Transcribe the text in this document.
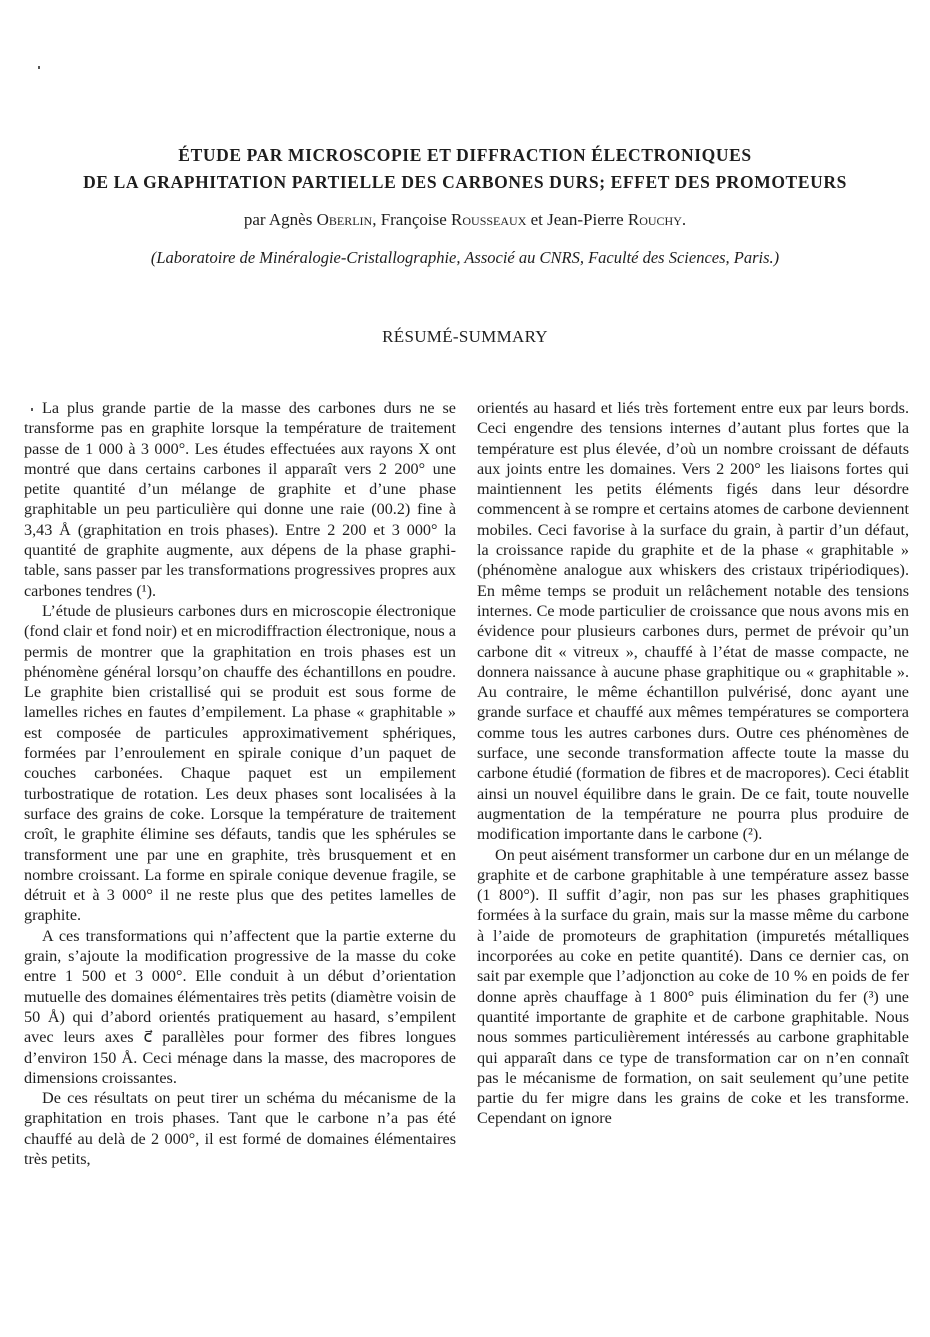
ÉTUDE PAR MICROSCOPIE ET DIFFRACTION ÉLECTRONIQUES
DE LA GRAPHITATION PARTIELLE DES CARBONES DURS; EFFET DES PROMOTEURS
par Agnès Oberlin, Françoise Rousseaux et Jean-Pierre Rouchy.
(Laboratoire de Minéralogie-Cristallographie, Associé au CNRS, Faculté des Sciences, Paris.)
RÉSUMÉ-SUMMARY

La plus grande partie de la masse des carbones durs ne se transforme pas en graphite lorsque la température de traitement passe de 1 000 à 3 000°. Les études effectuées aux rayons X ont montré que dans certains carbones il apparaît vers 2 200° une petite quantité d’un mélange de graphite et d’une phase graphitable un peu particulière qui donne une raie (00.2) fine à 3,43 Å (graphitation en trois phases). Entre 2 200 et 3 000° la quantité de graphite augmente, aux dépens de la phase graphitable, sans passer par les transformations progressives propres aux carbones tendres (¹).

L’étude de plusieurs carbones durs en microscopie électronique (fond clair et fond noir) et en microdiffraction électronique, nous a permis de montrer que la graphitation en trois phases est un phénomène général lorsqu’on chauffe des échantillons en poudre. Le graphite bien cristallisé qui se produit est sous forme de lamelles riches en fautes d’empilement. La phase « graphitable » est composée de particules approximativement sphériques, formées par l’enroulement en spirale conique d’un paquet de couches carbonées. Chaque paquet est un empilement turbostratique de rotation. Les deux phases sont localisées à la surface des grains de coke. Lorsque la température de traitement croît, le graphite élimine ses défauts, tandis que les sphérules se transforment une par une en graphite, très brusquement et en nombre croissant. La forme en spirale conique devenue fragile, se détruit et à 3 000° il ne reste plus que des petites lamelles de graphite.

A ces transformations qui n’affectent que la partie externe du grain, s’ajoute la modification progressive de la masse du coke entre 1 500 et 3 000°. Elle conduit à un début d’orientation mutuelle des domaines élémentaires très petits (diamètre voisin de 50 Å) qui d’abord orientés pratiquement au hasard, s’empilent avec leurs axes c⃗ parallèles pour former des fibres longues d’environ 150 Å. Ceci ménage dans la masse, des macropores de dimensions croissantes.

De ces résultats on peut tirer un schéma du mécanisme de la graphitation en trois phases. Tant que le carbone n’a pas été chauffé au delà de 2 000°, il est formé de domaines élémentaires très petits,

orientés au hasard et liés très fortement entre eux par leurs bords. Ceci engendre des tensions internes d’autant plus fortes que la température est plus élevée, d’où un nombre croissant de défauts aux joints entre les domaines. Vers 2 200° les liaisons fortes qui maintiennent les petits éléments figés dans leur désordre commencent à se rompre et certains atomes de carbone deviennent mobiles. Ceci favorise à la surface du grain, à partir d’un défaut, la croissance rapide du graphite et de la phase « graphitable » (phénomène analogue aux whiskers des cristaux tripériodiques). En même temps se produit un relâchement notable des tensions internes. Ce mode particulier de croissance que nous avons mis en évidence pour plusieurs carbones durs, permet de prévoir qu’un carbone dit « vitreux », chauffé à l’état de masse compacte, ne donnera naissance à aucune phase graphitique ou « graphitable ». Au contraire, le même échantillon pulvérisé, donc ayant une grande surface et chauffé aux mêmes températures se comportera comme tous les autres carbones durs. Outre ces phénomènes de surface, une seconde transformation affecte toute la masse du carbone étudié (formation de fibres et de macropores). Ceci établit ainsi un nouvel équilibre dans le grain. De ce fait, toute nouvelle augmentation de la température ne pourra plus produire de modification importante dans le carbone (²).

On peut aisément transformer un carbone dur en un mélange de graphite et de carbone graphitable à une température assez basse (1 800°). Il suffit d’agir, non pas sur les phases graphitiques formées à la surface du grain, mais sur la masse même du carbone à l’aide de promoteurs de graphitation (impuretés métalliques incorporées au coke en petite quantité). Dans ce dernier cas, on sait par exemple que l’adjonction au coke de 10 % en poids de fer donne après chauffage à 1 800° puis élimination du fer (³) une quantité importante de graphite et de carbone graphitable. Nous nous sommes particulièrement intéressés au carbone graphitable qui apparaît dans ce type de transformation car on n’en connaît pas le mécanisme de formation, on sait seulement qu’une petite partie du fer migre dans les grains de coke et les transforme. Cependant on ignore
